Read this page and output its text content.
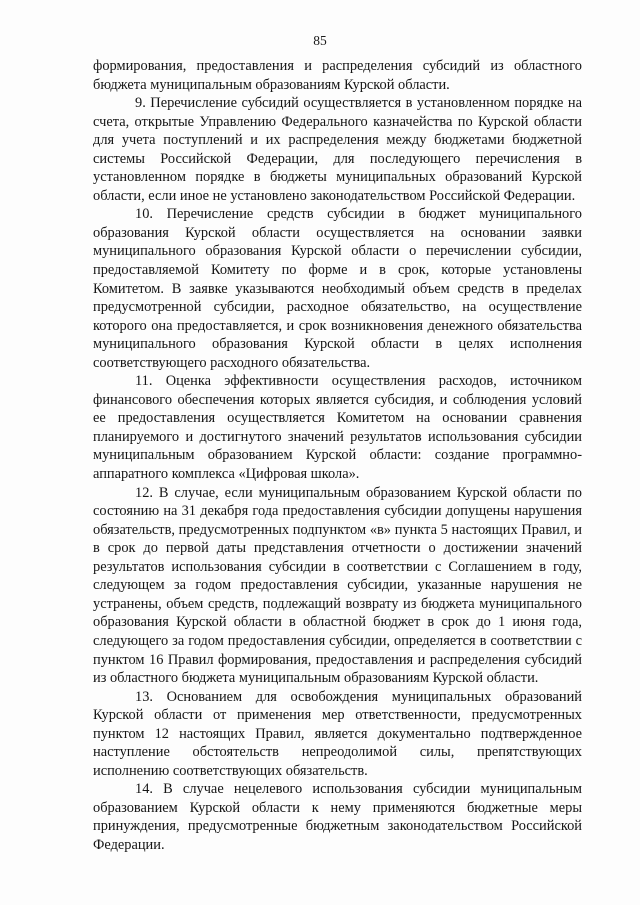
85

формирования, предоставления и распределения субсидий из областного бюджета муниципальным образованиям Курской области.

9. Перечисление субсидий осуществляется в установленном порядке на счета, открытые Управлению Федерального казначейства по Курской области для учета поступлений и их распределения между бюджетами бюджетной системы Российской Федерации, для последующего перечисления в установленном порядке в бюджеты муниципальных образований Курской области, если иное не установлено законодательством Российской Федерации.

10. Перечисление средств субсидии в бюджет муниципального образования Курской области осуществляется на основании заявки муниципального образования Курской области о перечислении субсидии, предоставляемой Комитету по форме и в срок, которые установлены Комитетом. В заявке указываются необходимый объем средств в пределах предусмотренной субсидии, расходное обязательство, на осуществление которого она предоставляется, и срок возникновения денежного обязательства муниципального образования Курской области в целях исполнения соответствующего расходного обязательства.

11. Оценка эффективности осуществления расходов, источником финансового обеспечения которых является субсидия, и соблюдения условий ее предоставления осуществляется Комитетом на основании сравнения планируемого и достигнутого значений результатов использования субсидии муниципальным образованием Курской области: создание программно-аппаратного комплекса «Цифровая школа».

12. В случае, если муниципальным образованием Курской области по состоянию на 31 декабря года предоставления субсидии допущены нарушения обязательств, предусмотренных подпунктом «в» пункта 5 настоящих Правил, и в срок до первой даты представления отчетности о достижении значений результатов использования субсидии в соответствии с Соглашением в году, следующем за годом предоставления субсидии, указанные нарушения не устранены, объем средств, подлежащий возврату из бюджета муниципального образования Курской области в областной бюджет в срок до 1 июня года, следующего за годом предоставления субсидии, определяется в соответствии с пунктом 16 Правил формирования, предоставления и распределения субсидий из областного бюджета муниципальным образованиям Курской области.

13. Основанием для освобождения муниципальных образований Курской области от применения мер ответственности, предусмотренных пунктом 12 настоящих Правил, является документально подтвержденное наступление обстоятельств непреодолимой силы, препятствующих исполнению соответствующих обязательств.

14. В случае нецелевого использования субсидии муниципальным образованием Курской области к нему применяются бюджетные меры принуждения, предусмотренные бюджетным законодательством Российской Федерации.
